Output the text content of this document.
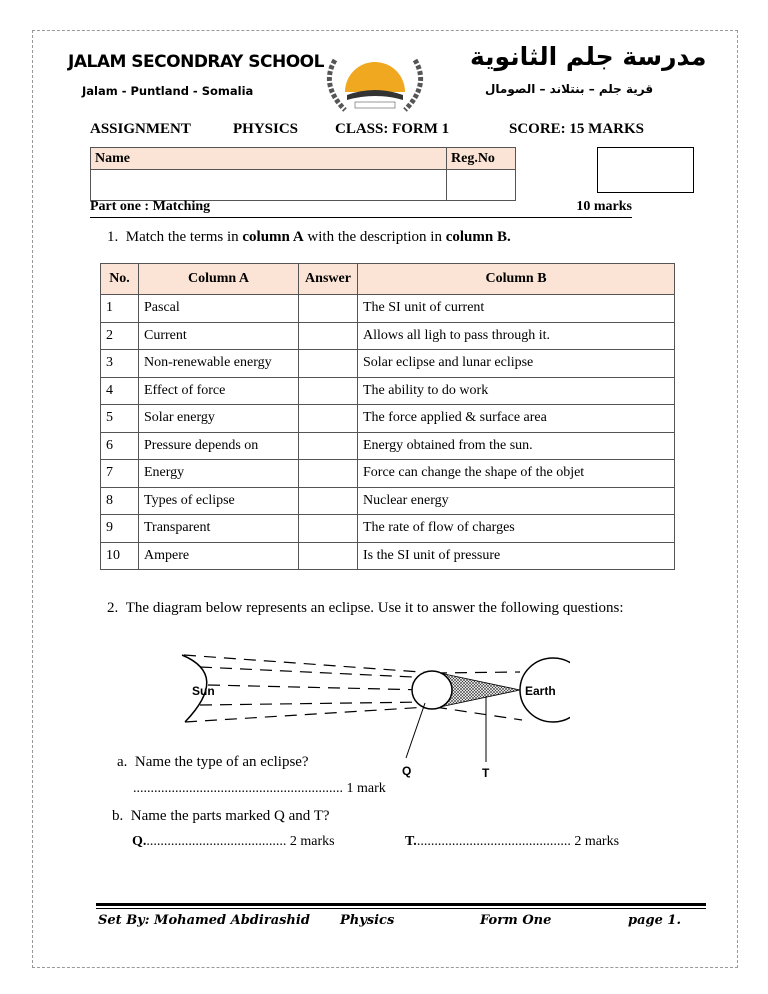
JALAM SECONDRAY SCHOOL
Jalam - Puntland - Somalia
مدرسة جلم الثانوية
قرية جلم – بنتلاند – الصومال
ASSIGNMENT	PHYSICS CLASS: FORM 1	SCORE: 15 MARKS
Name	Reg.No

Part one : Matching	10 marks
1. Match the terms in column A with the description in column B.
No.	Column A	Answer	Column B
1	Pascal		The SI unit of current
2	Current		Allows all ligh to pass through it.
3	Non-renewable energy		Solar eclipse and lunar eclipse
4	Effect of force		The ability to do work
5	Solar energy		The force applied & surface area
6	Pressure depends on		Energy obtained from the sun.
7	Energy		Force can change the shape of the objet
8	Types of eclipse		Nuclear energy
9	Transparent		The rate of flow of charges
10	Ampere		Is the SI unit of pressure
2. The diagram below represents an eclipse. Use it to answer the following questions:
Sun	Earth
Q	T
a. Name the type of an eclipse?
............................................................ 1 mark
b. Name the parts marked Q and T?
Q......................................... 2 marks	T............................................. 2 marks
Set By: Mohamed Abdirashid Physics	Form One	page 1.
